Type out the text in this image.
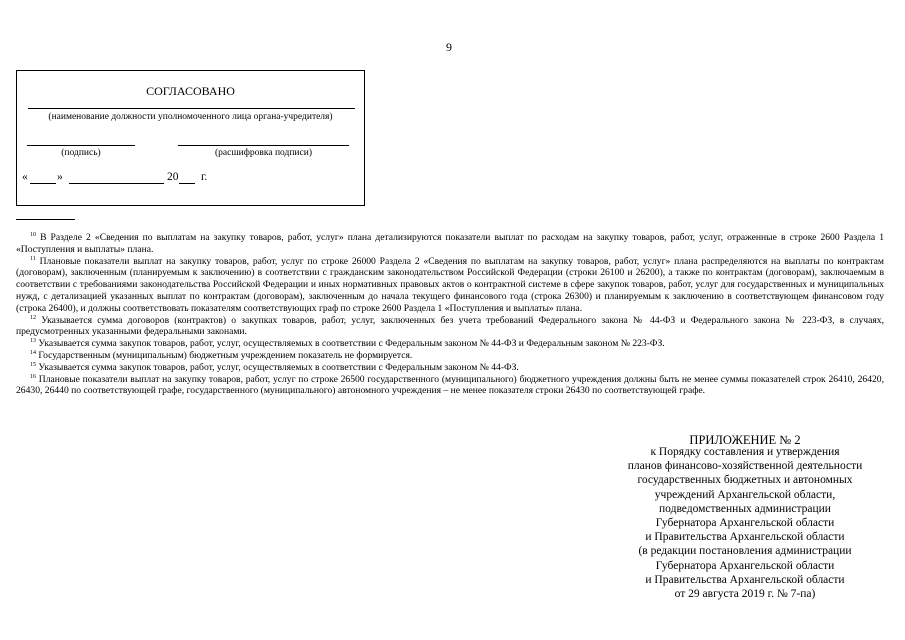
9
СОГЛАСОВАНО
(наименование должности уполномоченного лица органа-учредителя)
(подпись)	(расшифровка подписи)
«	»	20 г.

$^{10}$ В Разделе 2 «Сведения по выплатам на закупку товаров, работ, услуг» плана детализируются показатели выплат по расходам на закупку товаров, работ, услуг, отраженные в строке 2600 Раздела 1 «Поступления и выплаты» плана.

$^{11}$ Плановые показатели выплат на закупку товаров, работ, услуг по строке 26000 Раздела 2 «Сведения по выплатам на закупку товаров, работ, услуг» плана распределяются на выплаты по контрактам (договорам), заключенным (планируемым к заключению) в соответствии с гражданским законодательством Российской Федерации (строки 26100 и 26200), а также по контрактам (договорам), заключаемым в соответствии с требованиями законодательства Российской Федерации и иных нормативных правовых актов о контрактной системе в сфере закупок товаров, работ, услуг для государственных и муниципальных нужд, с детализацией указанных выплат по контрактам (договорам), заключенным до начала текущего финансового года (строка 26300) и планируемым к заключению в соответствующем финансовом году (строка 26400), и должны соответствовать показателям соответствующих граф по строке 2600 Раздела 1 «Поступления и выплаты» плана.

$^{12}$ Указывается сумма договоров (контрактов) о закупках товаров, работ, услуг, заключенных без учета требований Федерального закона № 44-ФЗ и Федерального закона № 223-ФЗ, в случаях, предусмотренных указанными федеральными законами.

$^{13}$ Указывается сумма закупок товаров, работ, услуг, осуществляемых в соответствии с Федеральным законом № 44-ФЗ и Федеральным законом № 223-ФЗ.

$^{14}$ Государственным (муниципальным) бюджетным учреждением показатель не формируется.

$^{15}$ Указывается сумма закупок товаров, работ, услуг, осуществляемых в соответствии с Федеральным законом № 44-ФЗ.

$^{16}$ Плановые показатели выплат на закупку товаров, работ, услуг по строке 26500 государственного (муниципального) бюджетного учреждения должны быть не менее суммы показателей строк 26410, 26420, 26430, 26440 по соответствующей графе, государственного (муниципального) автономного учреждения – не менее показателя строки 26430 по соответствующей графе.

ПРИЛОЖЕНИЕ № 2
к Порядку составления и утверждения
планов финансово-хозяйственной деятельности
государственных бюджетных и автономных
учреждений Архангельской области,
подведомственных администрации
Губернатора Архангельской области
и Правительства Архангельской области
(в редакции постановления администрации
Губернатора Архангельской области
и Правительства Архангельской области
от 29 августа 2019 г. № 7-па)
